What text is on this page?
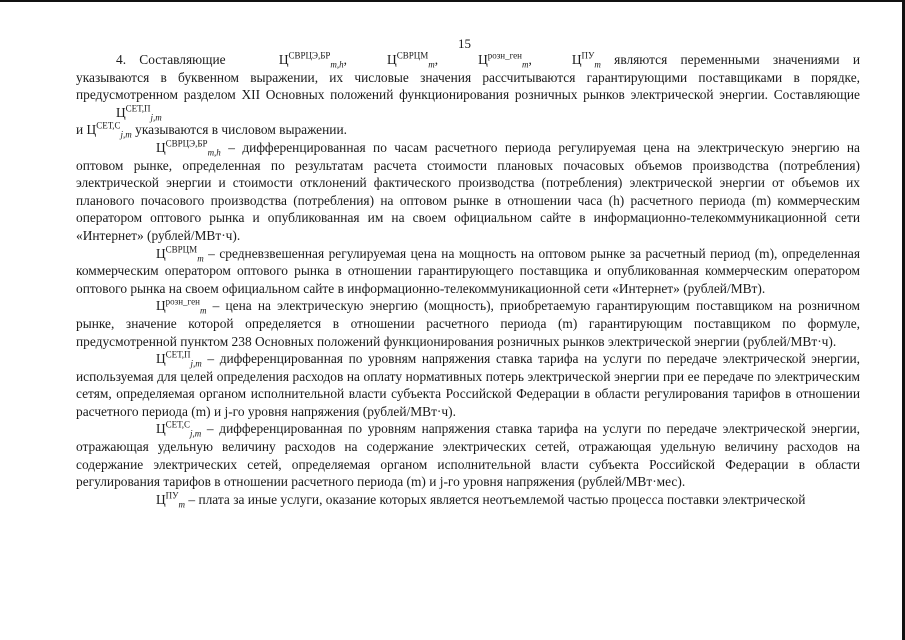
15

4. Составляющие	$Ц^{СВРЦЭ,БР}_{m,h}$,	$Ц^{СВРЦМ}_m$,	$Ц^{розн\_ген}_m$,	$Ц^{ПУ}_m$ являются переменными значениями и указываются в буквенном выражении, их числовые значения рассчитываются гарантирующими поставщиками в порядке, предусмотренном разделом XII Основных положений функционирования розничных рынков электрической энергии. Составляющие $Ц^{СЕТ,П}_{j,m}$

и $Ц^{СЕТ,С}_{j,m}$ указываются в числовом выражении.

$Ц^{СВРЦЭ,БР}_{m,h}$ – дифференцированная по часам расчетного периода регулируемая цена на электрическую энергию на оптовом рынке, определенная по результатам расчета стоимости плановых почасовых объемов производства (потребления) электрической энергии и стоимости отклонений фактического производства (потребления) электрической энергии от объемов их планового почасового производства (потребления) на оптовом рынке в отношении часа (h) расчетного периода (m) коммерческим оператором оптового рынка и опубликованная им на своем официальном сайте в информационно-телекоммуникационной сети «Интернет» (рублей/МВт·ч).

$Ц^{СВРЦМ}_m$ – средневзвешенная регулируемая цена на мощность на оптовом рынке за расчетный период (m), определенная коммерческим оператором оптового рынка в отношении гарантирующего поставщика и опубликованная коммерческим оператором оптового рынка на своем официальном сайте в информационно-телекоммуникационной сети «Интернет» (рублей/МВт).

$Ц^{розн\_ген}_m$ – цена на электрическую энергию (мощность), приобретаемую гарантирующим поставщиком на розничном рынке, значение которой определяется в отношении расчетного периода (m) гарантирующим поставщиком по формуле, предусмотренной пунктом 238 Основных положений функционирования розничных рынков электрической энергии (рублей/МВт·ч).

$Ц^{СЕТ,П}_{j,m}$ – дифференцированная по уровням напряжения ставка тарифа на услуги по передаче электрической энергии, используемая для целей определения расходов на оплату нормативных потерь электрической энергии при ее передаче по электрическим сетям, определяемая органом исполнительной власти субъекта Российской Федерации в области регулирования тарифов в отношении расчетного периода (m) и j-го уровня напряжения (рублей/МВт·ч).

$Ц^{СЕТ,С}_{j,m}$ – дифференцированная по уровням напряжения ставка тарифа на услуги по передаче электрической энергии, отражающая удельную величину расходов на содержание электрических сетей, отражающая удельную величину расходов на содержание электрических сетей, определяемая органом исполнительной власти субъекта Российской Федерации в области регулирования тарифов в отношении расчетного периода (m) и j-го уровня напряжения (рублей/МВт·мес).

$Ц^{ПУ}_m$ – плата за иные услуги, оказание которых является неотъемлемой частью процесса поставки электрической
